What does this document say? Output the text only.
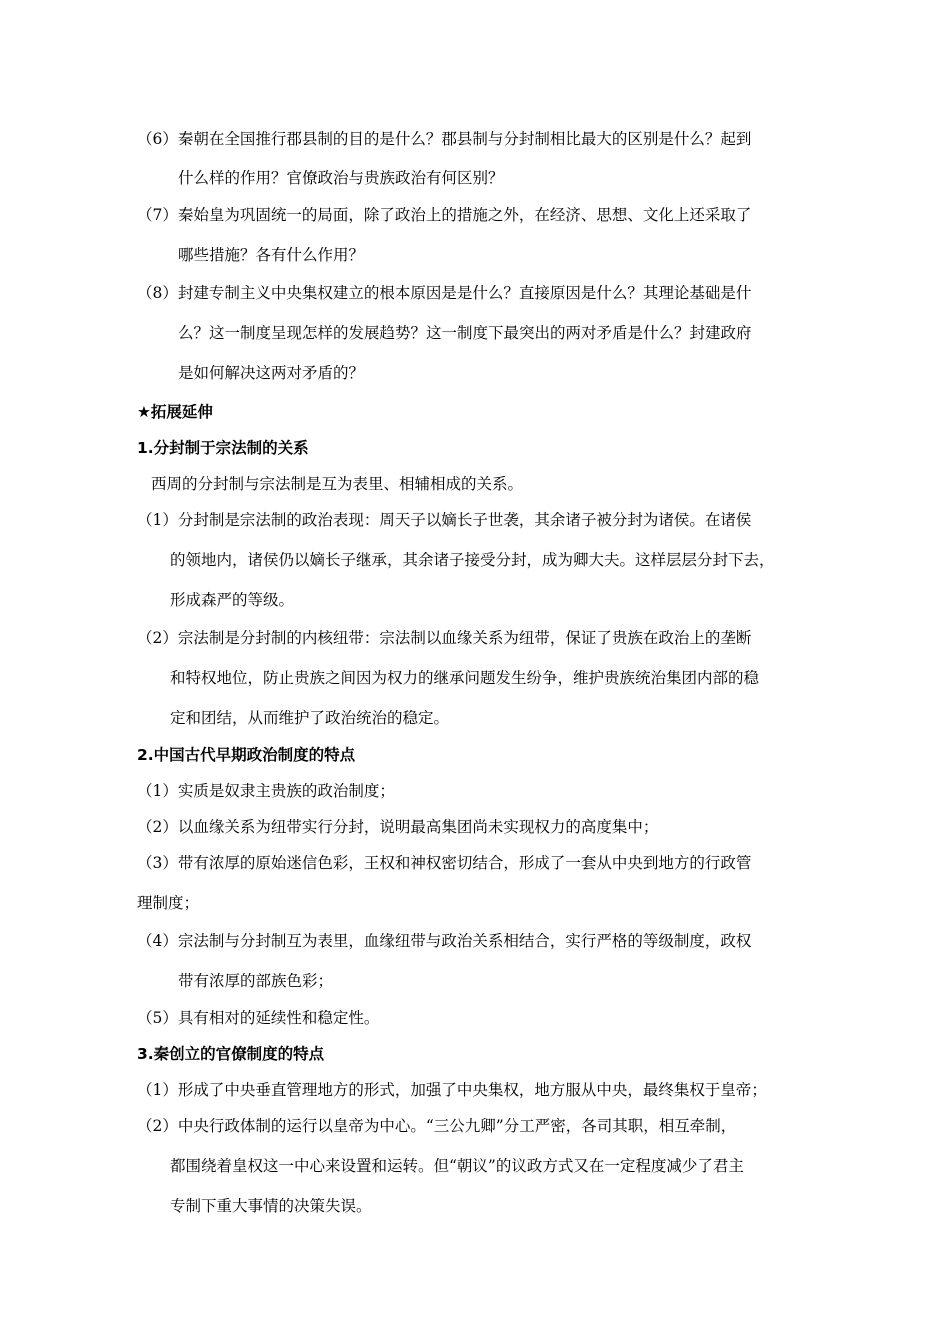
（6）秦朝在全国推行郡县制的目的是什么？郡县制与分封制相比最大的区别是什么？起到
什么样的作用？官僚政治与贵族政治有何区别？
（7）秦始皇为巩固统一的局面，除了政治上的措施之外，在经济、思想、文化上还采取了
哪些措施？各有什么作用？
（8）封建专制主义中央集权建立的根本原因是是什么？直接原因是什么？其理论基础是什
么？这一制度呈现怎样的发展趋势？这一制度下最突出的两对矛盾是什么？封建政府
是如何解决这两对矛盾的？
★拓展延伸
1.分封制于宗法制的关系
西周的分封制与宗法制是互为表里、相辅相成的关系。
（1）分封制是宗法制的政治表现：周天子以嫡长子世袭，其余诸子被分封为诸侯。在诸侯
的领地内，诸侯仍以嫡长子继承，其余诸子接受分封，成为卿大夫。这样层层分封下去，
形成森严的等级。
（2）宗法制是分封制的内核纽带：宗法制以血缘关系为纽带，保证了贵族在政治上的垄断
和特权地位，防止贵族之间因为权力的继承问题发生纷争，维护贵族统治集团内部的稳
定和团结，从而维护了政治统治的稳定。
2.中国古代早期政治制度的特点
（1）实质是奴隶主贵族的政治制度；
（2）以血缘关系为纽带实行分封，说明最高集团尚未实现权力的高度集中；
（3）带有浓厚的原始迷信色彩，王权和神权密切结合，形成了一套从中央到地方的行政管
理制度；
（4）宗法制与分封制互为表里，血缘纽带与政治关系相结合，实行严格的等级制度，政权
带有浓厚的部族色彩；
（5）具有相对的延续性和稳定性。
3.秦创立的官僚制度的特点
（1）形成了中央垂直管理地方的形式，加强了中央集权，地方服从中央，最终集权于皇帝；
（2）中央行政体制的运行以皇帝为中心。“三公九卿”分工严密，各司其职，相互牵制，
都围绕着皇权这一中心来设置和运转。但“朝议”的议政方式又在一定程度减少了君主
专制下重大事情的决策失误。
